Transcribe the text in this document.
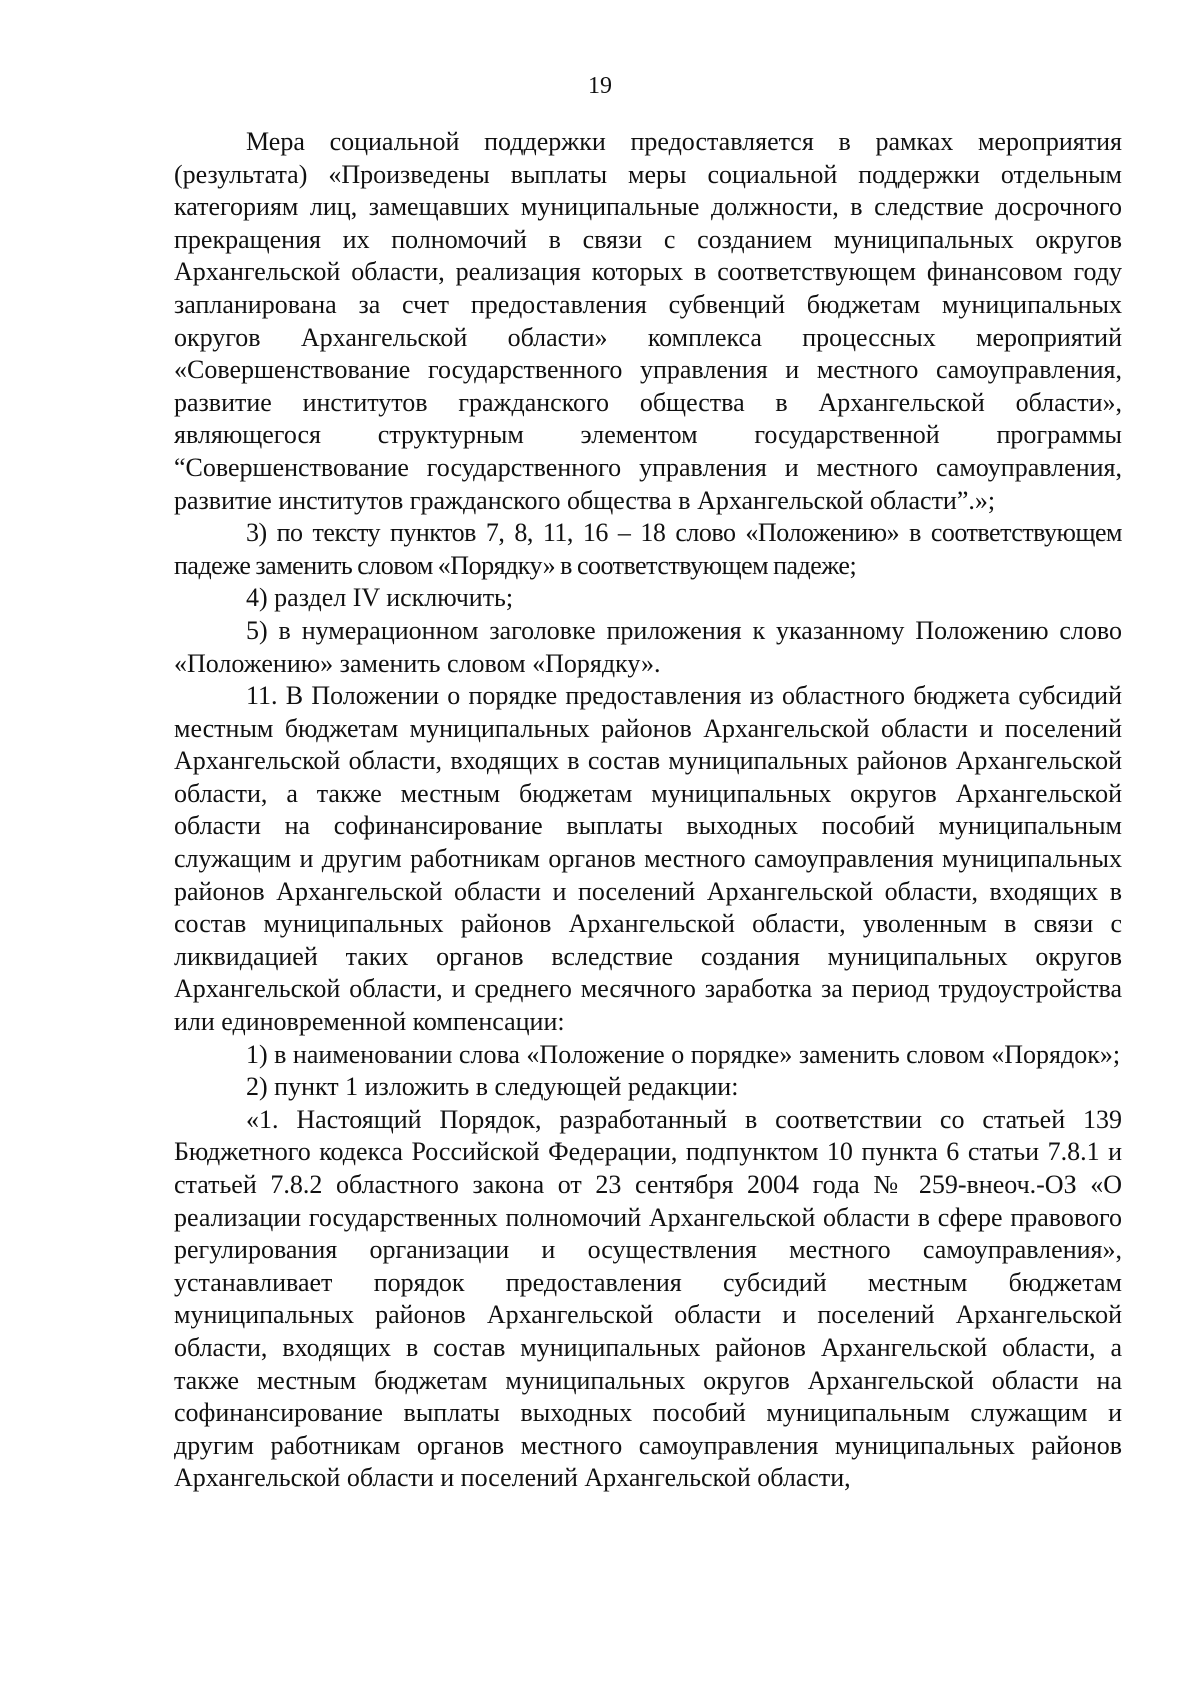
19

Мера социальной поддержки предоставляется в рамках мероприятия (результата) «Произведены выплаты меры социальной поддержки отдельным категориям лиц, замещавших муниципальные должности, в следствие досрочного прекращения их полномочий в связи с созданием муниципальных округов Архангельской области, реализация которых в соответствующем финансовом году запланирована за счет предоставления субвенций бюджетам муниципальных округов Архангельской области» комплекса процессных мероприятий «Совершенствование государственного управления и местного самоуправления, развитие институтов гражданского общества в Архангельской области», являющегося структурным элементом государственной программы “Совершенствование государственного управления и местного самоуправления, развитие институтов гражданского общества в Архангельской области”.»;

3) по тексту пунктов 7, 8, 11, 16 – 18 слово «Положению» в соответствующем падеже заменить словом «Порядку» в соответствующем падеже;

4) раздел IV исключить;

5) в нумерационном заголовке приложения к указанному Положению слово «Положению» заменить словом «Порядку».

11. В Положении о порядке предоставления из областного бюджета субсидий местным бюджетам муниципальных районов Архангельской области и поселений Архангельской области, входящих в состав муниципальных районов Архангельской области, а также местным бюджетам муниципальных округов Архангельской области на софинансирование выплаты выходных пособий муниципальным служащим и другим работникам органов местного самоуправления муниципальных районов Архангельской области и поселений Архангельской области, входящих в состав муниципальных районов Архангельской области, уволенным в связи с ликвидацией таких органов вследствие создания муниципальных округов Архангельской области, и среднего месячного заработка за период трудоустройства или единовременной компенсации:

1) в наименовании слова «Положение о порядке» заменить словом «Порядок»;

2) пункт 1 изложить в следующей редакции:

«1. Настоящий Порядок, разработанный в соответствии со статьей 139 Бюджетного кодекса Российской Федерации, подпунктом 10 пункта 6 статьи 7.8.1 и статьей 7.8.2 областного закона от 23 сентября 2004 года № 259-внеоч.-ОЗ «О реализации государственных полномочий Архангельской области в сфере правового регулирования организации и осуществления местного самоуправления», устанавливает порядок предоставления субсидий местным бюджетам муниципальных районов Архангельской области и поселений Архангельской области, входящих в состав муниципальных районов Архангельской области, а также местным бюджетам муниципальных округов Архангельской области на софинансирование выплаты выходных пособий муниципальным служащим и другим работникам органов местного самоуправления муниципальных районов Архангельской области и поселений Архангельской области,
